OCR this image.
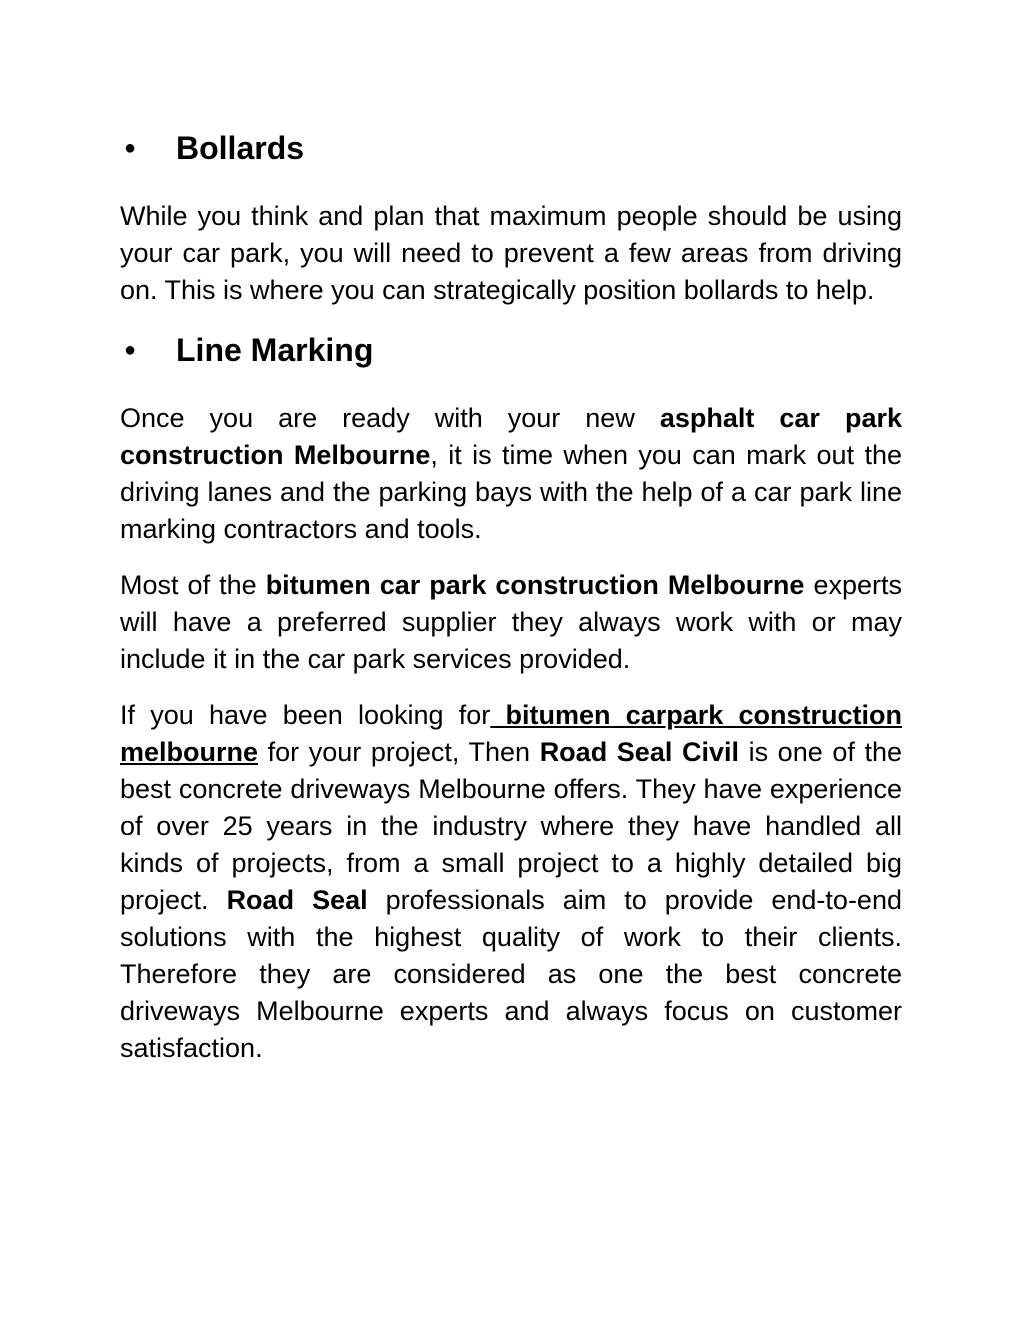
●	Bollards

While you think and plan that maximum people should be using your car park, you will need to prevent a few areas from driving on. This is where you can strategically position bollards to help.

●	Line Marking

Once you are ready with your new asphalt car park construction Melbourne, it is time when you can mark out the driving lanes and the parking bays with the help of a car park line marking contractors and tools.

Most of the bitumen car park construction Melbourne experts will have a preferred supplier they always work with or may include it in the car park services provided.

If you have been looking for bitumen carpark construction melbourne for your project, Then Road Seal Civil is one of the best concrete driveways Melbourne offers. They have experience of over 25 years in the industry where they have handled all kinds of projects, from a small project to a highly detailed big project. Road Seal professionals aim to provide end-to-end solutions with the highest quality of work to their clients. Therefore they are considered as one the best concrete driveways Melbourne experts and always focus on customer satisfaction.
